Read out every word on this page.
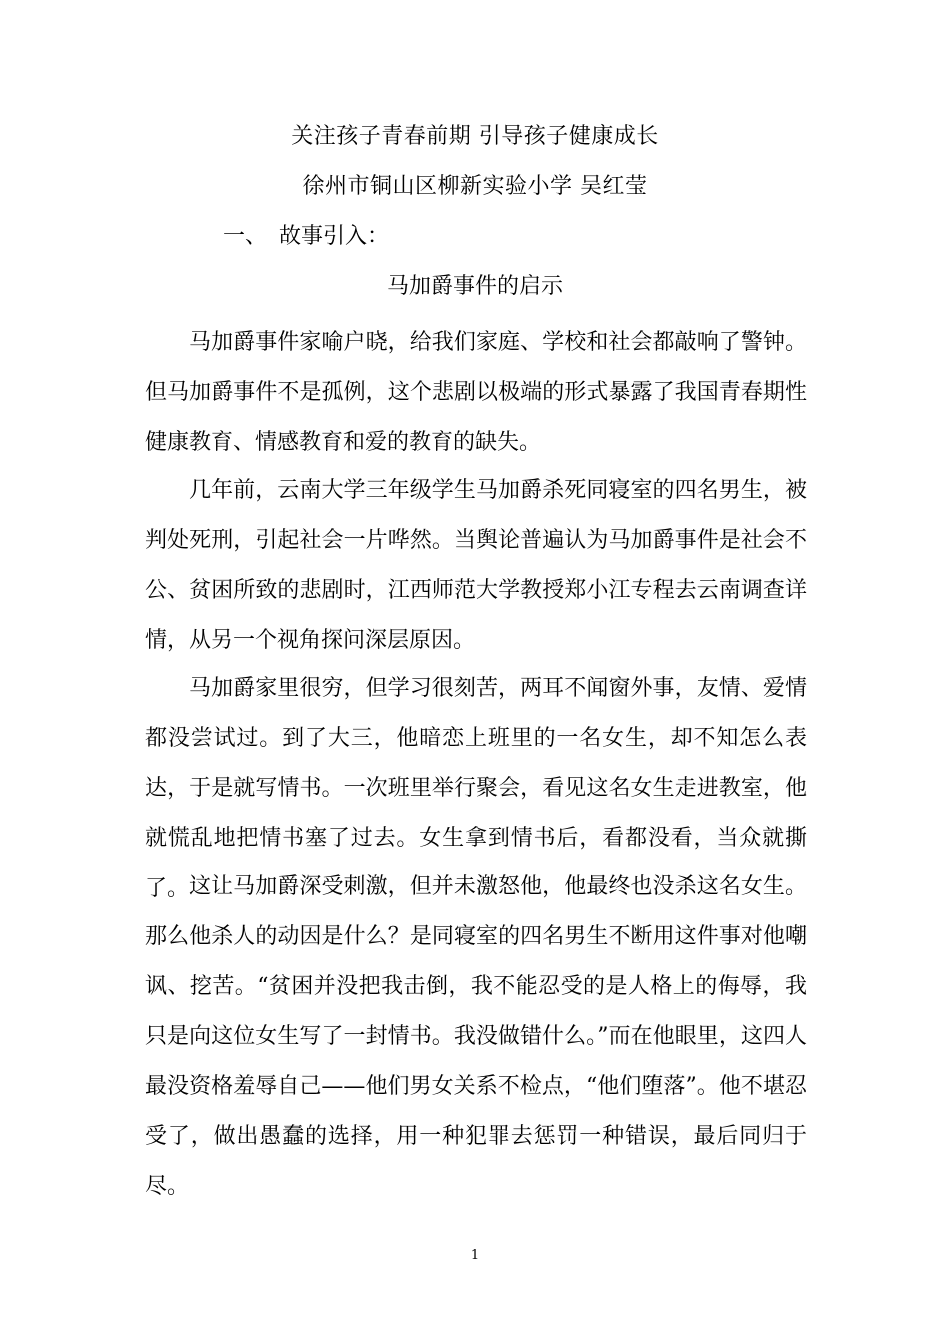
关注孩子青春前期 引导孩子健康成长
徐州市铜山区柳新实验小学 吴红莹
一、 故事引入：
马加爵事件的启示

马加爵事件家喻户晓，给我们家庭、学校和社会都敲响了警钟。但马加爵事件不是孤例，这个悲剧以极端的形式暴露了我国青春期性健康教育、情感教育和爱的教育的缺失。

几年前，云南大学三年级学生马加爵杀死同寝室的四名男生，被判处死刑，引起社会一片哗然。当舆论普遍认为马加爵事件是社会不公、贫困所致的悲剧时，江西师范大学教授郑小江专程去云南调查详情，从另一个视角探问深层原因。

马加爵家里很穷，但学习很刻苦，两耳不闻窗外事，友情、爱情都没尝试过。到了大三，他暗恋上班里的一名女生，却不知怎么表达，于是就写情书。一次班里举行聚会，看见这名女生走进教室，他就慌乱地把情书塞了过去。女生拿到情书后，看都没看，当众就撕了。 这让马加爵深受刺激，但并未激怒他，他最终也没杀这名女生。那么他杀人的动因是什么？是同寝室的四名男生不断用这件事对他嘲讽、挖苦。“贫困并没把我击倒，我不能忍受的是人格上的侮辱，我只是向这位女生写了一封情书。我没做错什么。”而在他眼里，这四人最没资格羞辱自己——他们男女关系不检点，“他们堕落”。他不堪忍受了，做出愚蠢的选择，用一种犯罪去惩罚一种错误，最后同归于尽。

1
